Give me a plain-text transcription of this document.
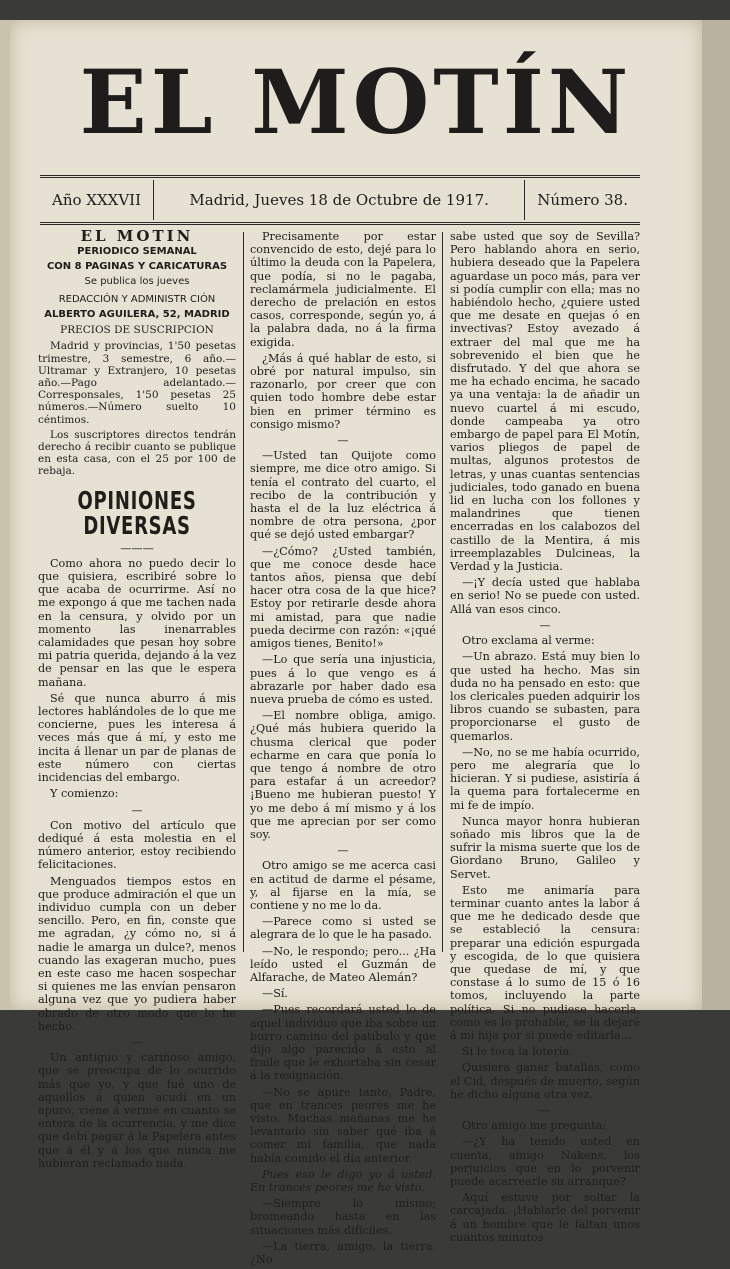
EL MOTÍN
Año XXXVII	Madrid, Jueves 18 de Octubre de 1917.	Número 38.

EL MOTIN

PERIODICO SEMANAL

CON 8 PAGINAS Y CARICATURAS

Se publica los jueves

REDACCIÓN Y ADMINISTR CIÓN

ALBERTO AGUILERA, 52, MADRID

PRECIOS DE SUSCRIPCION

Madrid y provincias, 1'50 pesetas trimestre, 3 semestre, 6 año.—Ultramar y Extranjero, 10 pesetas año.—Pago adelantado.—Corresponsales, 1'50 pesetas 25 números.—Número suelto 10 céntimos.

Los suscriptores directos tendrán derecho á recibir cuanto se publique en esta casa, con el 25 por 100 de rebaja.

OPINIONES DIVERSAS
———

Como ahora no puedo decir lo que quisiera, escribiré sobre lo que acaba de ocurrirme. Así no me expongo á que me tachen nada en la censura, y olvido por un momento las inenarrables calamidades que pesan hoy sobre mi patria querida, dejando á la vez de pensar en las que le espera mañana.

Sé que nunca aburro á mis lectores hablándoles de lo que me concierne, pues les interesa á veces más que á mí, y esto me incita á llenar un par de planas de este número con ciertas incidencias del embargo.

Y comienzo:

—

Con motivo del artículo que dediqué á esta molestia en el número anterior, estoy recibiendo felicitaciones.

Menguados tiempos estos en que produce admiración el que un individuo cumpla con un deber sencillo. Pero, en fin, conste que me agradan, ¿y cómo no, si á nadie le amarga un dulce?, menos cuando las exageran mucho, pues en este caso me hacen sospechar si quienes me las envían pensaron alguna vez que yo pudiera haber obrado de otro modo que lo he hecho.

—

Un antiguo y cariñoso amigo, que se preocupa de lo ocurrido más que yo, y que fué uno de aquellos á quien acudí en un apuro, viene á verme en cuanto se entera de la ocurrencia, y me dice que debí pagar á la Papelera antes que á él y á los que nunca me hubieran reclamado nada.

Precisamente por estar convencido de esto, dejé para lo último la deuda con la Papelera, que podía, si no le pagaba, reclamármela judicialmente. El derecho de prelación en estos casos, corresponde, según yo, á la palabra dada, no á la firma exigida.

¿Más á qué hablar de esto, si obré por natural impulso, sin razonarlo, por creer que con quien todo hombre debe estar bien en primer término es consigo mismo?

—

—Usted tan Quijote como siempre, me dice otro amigo. Si tenía el contrato del cuarto, el recibo de la contribución y hasta el de la luz eléctrica á nombre de otra persona, ¿por qué se dejó usted embargar?

—¿Cómo? ¿Usted también, que me conoce desde hace tantos años, piensa que debí hacer otra cosa de la que hice? Estoy por retirarle desde ahora mi amistad, para que nadie pueda decirme con razón: «¡qué amigos tienes, Benito!»

—Lo que sería una injusticia, pues á lo que vengo es á abrazarle por haber dado esa nueva prueba de cómo es usted.

—El nombre obliga, amigo. ¿Qué más hubiera querido la chusma clerical que poder echarme en cara que ponía lo que tengo á nombre de otro para estafar á un acreedor? ¡Bueno me hubieran puesto! Y yo me debo á mí mismo y á los que me aprecian por ser como soy.

—

Otro amigo se me acerca casi en actitud de darme el pésame, y, al fijarse en la mía, se contiene y no me lo da.

—Parece como si usted se alegrara de lo que le ha pasado.

—No, le respondo; pero... ¿Ha leído usted el Guzmán de Alfarache, de Mateo Alemán?

—Sí.

—Pues recordará usted lo de aquel individuo que iba sobre un burro camino del patíbulo y que dijo algo parecido á esto al fraile que le exhortaba sin cesar á la resignación.

—No se apure tanto, Padre, que en trances peores me he visto. Muchas mañanas me he levantado sin saber qué iba á comer mi familia, que nada había comido el día anterior.

Pues eso le digo yo á usted. En trances peores me he visto.

—Siempre lo mismo; bromeando hasta en las situaciones más difíciles.

—La tierra, amigo, la tierra. ¿No

sabe usted que soy de Sevilla? Pero hablando ahora en serio, hubiera deseado que la Papelera aguardase un poco más, para ver si podía cumplir con ella; mas no habiéndolo hecho, ¿quiere usted que me desate en quejas ó en invectivas? Estoy avezado á extraer del mal que me ha sobrevenido el bien que he disfrutado. Y del que ahora se me ha echado encima, he sacado ya una ventaja: la de añadir un nuevo cuartel á mi escudo, donde campeaba ya otro embargo de papel para El Motín, varios pliegos de papel de multas, algunos protestos de letras, y unas cuantas sentencias judiciales, todo ganado en buena lid en lucha con los follones y malandrines que tienen encerradas en los calabozos del castillo de la Mentira, á mis irreemplazables Dulcineas, la Verdad y la Justicia.

—¡Y decía usted que hablaba en serio! No se puede con usted. Allá van esos cinco.

—

Otro exclama al verme:

—Un abrazo. Está muy bien lo que usted ha hecho. Mas sin duda no ha pensado en esto: que los clericales pueden adquirir los libros cuando se subasten, para proporcionarse el gusto de quemarlos.

—No, no se me había ocurrido, pero me alegraría que lo hicieran. Y si pudiese, asistiría á la quema para fortalecerme en mi fe de impío.

Nunca mayor honra hubieran soñado mis libros que la de sufrir la misma suerte que los de Giordano Bruno, Galileo y Servet.

Esto me animaría para terminar cuanto antes la labor á que me he dedicado desde que se estableció la censura: preparar una edición espurgada y escogida, de lo que quisiera que quedase de mí, y que constase á lo sumo de 15 ó 16 tomos, incluyendo la parte política. Si no pudiese hacerla, como es lo probable, se la dejaré á mi hija por si puede editarla...

Si le toca la lotería.

Quisiera ganar batallas, como el Cid, después de muerto, según he dicho alguna otra vez.

—

Otro amigo me pregunta:

—¿Y ha tenido usted en cuenta, amigo Nakens, los perjuicios que en lo porvenir puede acarrearle su arranque?

Aquí estuve por soltar la carcajada. ¡Hablarle del porvenir á un hombre que le faltan unos cuantos minutos
